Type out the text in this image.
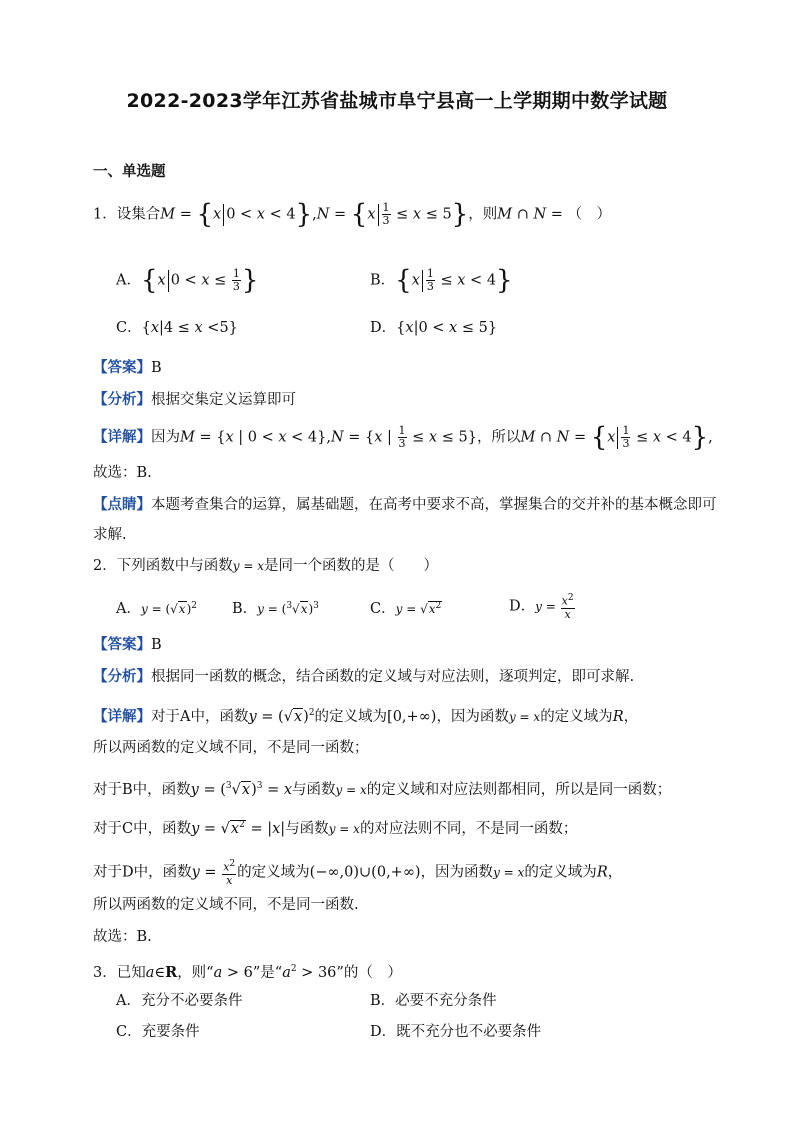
2022-2023学年江苏省盐城市阜宁县高一上学期期中数学试题
一、单选题
1．设集合M = {x $0 < x < 4\},N = \{x \frac{1}{3} \le x \le 5\}$，则M ∩ N = （　）
A．{x $0 < x \le \frac{1}{3}$ }	B．$\{x \frac{1}{3} \le x < 4\}$
C．{x|4 ≤ x <5}	D．{x|0 < x ≤ 5}
【答案】B
【分析】根据交集定义运算即可
【详解】因为M = {x | 0 < x < 4},N = {x | $\frac{1}{3} \le x \le 5$}，所以M ∩ $N = \{x \frac{1}{3} \le x < 4\}$,
故选：B.
【点睛】本题考查集合的运算，属基础题，在高考中要求不高，掌握集合的交并补的基本概念即可
求解.
2．下列函数中与函数y = x是同一个函数的是（　　）
A．$y = (√x)^2$ B．$y = (^3√x)^3$	C．$y = √x^2$	D．$y = \frac{x^2}{x}$
【答案】B
【分析】根据同一函数的概念，结合函数的定义域与对应法则，逐项判定，即可求解.
【详解】对于A中，函数$y = (√x)^2$的定义域为[0,+∞)，因为函数y = x的定义域为R，
所以两函数的定义域不同，不是同一函数；
对于B中，函数$y = (^3√x)^3 = x$与函数y = x的定义域和对应法则都相同，所以是同一函数；
对于C中，函数$y = √x^2 = |x|$与函数y = x的对应法则不同，不是同一函数；
对于D中，函数$y = \frac{x^2}{x}$ 的定义域为(−∞,0)∪(0,+∞)，因为函数y = x的定义域为R，
所以两函数的定义域不同，不是同一函数.
故选：B.
3．已知a∈R，则“a > 6”是“$a^2 > 36$”的（　）
A．充分不必要条件	B．必要不充分条件
C．充要条件	D．既不充分也不必要条件
